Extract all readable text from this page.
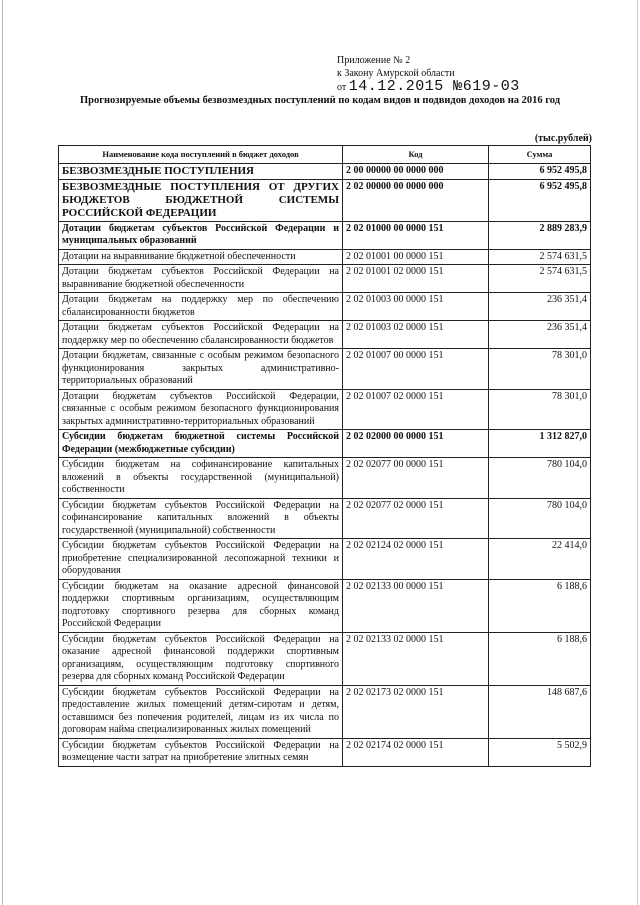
Приложение № 2
к Закону Амурской области
от 14.12.2015 №619-03
Прогнозируемые объемы безвозмездных поступлений по кодам видов и подвидов доходов на 2016 год
(тыс.рублей)
Наименование кода поступлений в бюджет доходов	Код	Сумма
БЕЗВОЗМЕЗДНЫЕ ПОСТУПЛЕНИЯ	2 00 00000 00 0000 000	6 952 495,8
БЕЗВОЗМЕЗДНЫЕ ПОСТУПЛЕНИЯ ОТ ДРУГИХ БЮДЖЕТОВ БЮДЖЕТНОЙ СИСТЕМЫ РОССИЙСКОЙ ФЕДЕРАЦИИ	2 02 00000 00 0000 000	6 952 495,8
Дотации бюджетам субъектов Российской Федерации и муниципальных образований	2 02 01000 00 0000 151	2 889 283,9
Дотации на выравнивание бюджетной обеспеченности	2 02 01001 00 0000 151	2 574 631,5
Дотации бюджетам субъектов Российской Федерации на выравнивание бюджетной обеспеченности	2 02 01001 02 0000 151	2 574 631,5
Дотации бюджетам на поддержку мер по обеспечению сбалансированности бюджетов	2 02 01003 00 0000 151	236 351,4
Дотации бюджетам субъектов Российской Федерации на поддержку мер по обеспечению сбалансированности бюджетов	2 02 01003 02 0000 151	236 351,4
Дотации бюджетам, связанные с особым режимом безопасного функционирования закрытых административно-территориальных образований	2 02 01007 00 0000 151	78 301,0
Дотации бюджетам субъектов Российской Федерации, связанные с особым режимом безопасного функционирования закрытых административно-территориальных образований	2 02 01007 02 0000 151	78 301,0
Субсидии бюджетам бюджетной системы Российской Федерации (межбюджетные субсидии)	2 02 02000 00 0000 151	1 312 827,0
Субсидии бюджетам на софинансирование капитальных вложений в объекты государственной (муниципальной) собственности	2 02 02077 00 0000 151	780 104,0
Субсидии бюджетам субъектов Российской Федерации на софинансирование капитальных вложений в объекты государственной (муниципальной) собственности	2 02 02077 02 0000 151	780 104,0
Субсидии бюджетам субъектов Российской Федерации на приобретение специализированной лесопожарной техники и оборудования	2 02 02124 02 0000 151	22 414,0
Субсидии бюджетам на оказание адресной финансовой поддержки спортивным организациям, осуществляющим подготовку спортивного резерва для сборных команд Российской Федерации	2 02 02133 00 0000 151	6 188,6
Субсидии бюджетам субъектов Российской Федерации на оказание адресной финансовой поддержки спортивным организациям, осуществляющим подготовку спортивного резерва для сборных команд Российской Федерации	2 02 02133 02 0000 151	6 188,6
Субсидии бюджетам субъектов Российской Федерации на предоставление жилых помещений детям-сиротам и детям, оставшимся без попечения родителей, лицам из их числа по договорам найма специализированных жилых помещений	2 02 02173 02 0000 151	148 687,6
Субсидии бюджетам субъектов Российской Федерации на возмещение части затрат на приобретение элитных семян	2 02 02174 02 0000 151	5 502,9
